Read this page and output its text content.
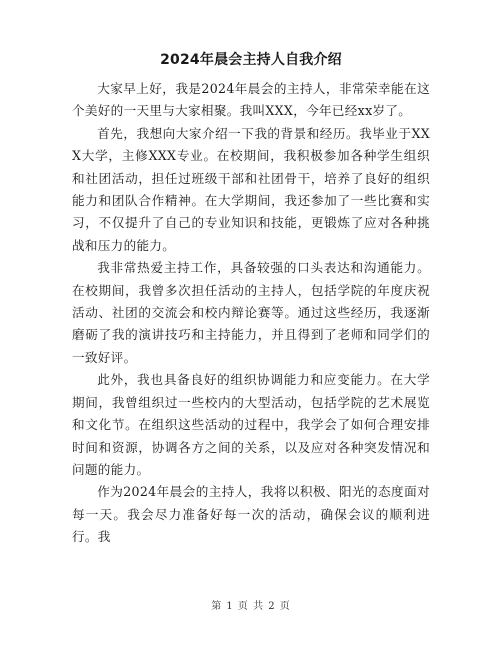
2024年晨会主持人自我介绍

大家早上好，我是2024年晨会的主持人，非常荣幸能在这个美好的一天里与大家相聚。我叫XXX，今年已经xx岁了。

首先，我想向大家介绍一下我的背景和经历。我毕业于XXX大学，主修XXX专业。在校期间，我积极参加各种学生组织和社团活动，担任过班级干部和社团骨干，培养了良好的组织能力和团队合作精神。在大学期间，我还参加了一些比赛和实习，不仅提升了自己的专业知识和技能，更锻炼了应对各种挑战和压力的能力。

我非常热爱主持工作，具备较强的口头表达和沟通能力。在校期间，我曾多次担任活动的主持人，包括学院的年度庆祝活动、社团的交流会和校内辩论赛等。通过这些经历，我逐渐磨砺了我的演讲技巧和主持能力，并且得到了老师和同学们的一致好评。

此外，我也具备良好的组织协调能力和应变能力。在大学期间，我曾组织过一些校内的大型活动，包括学院的艺术展览和文化节。在组织这些活动的过程中，我学会了如何合理安排时间和资源，协调各方之间的关系，以及应对各种突发情况和问题的能力。

作为2024年晨会的主持人，我将以积极、阳光的态度面对每一天。我会尽力准备好每一次的活动，确保会议的顺利进行。我

第 1 页 共 2 页
